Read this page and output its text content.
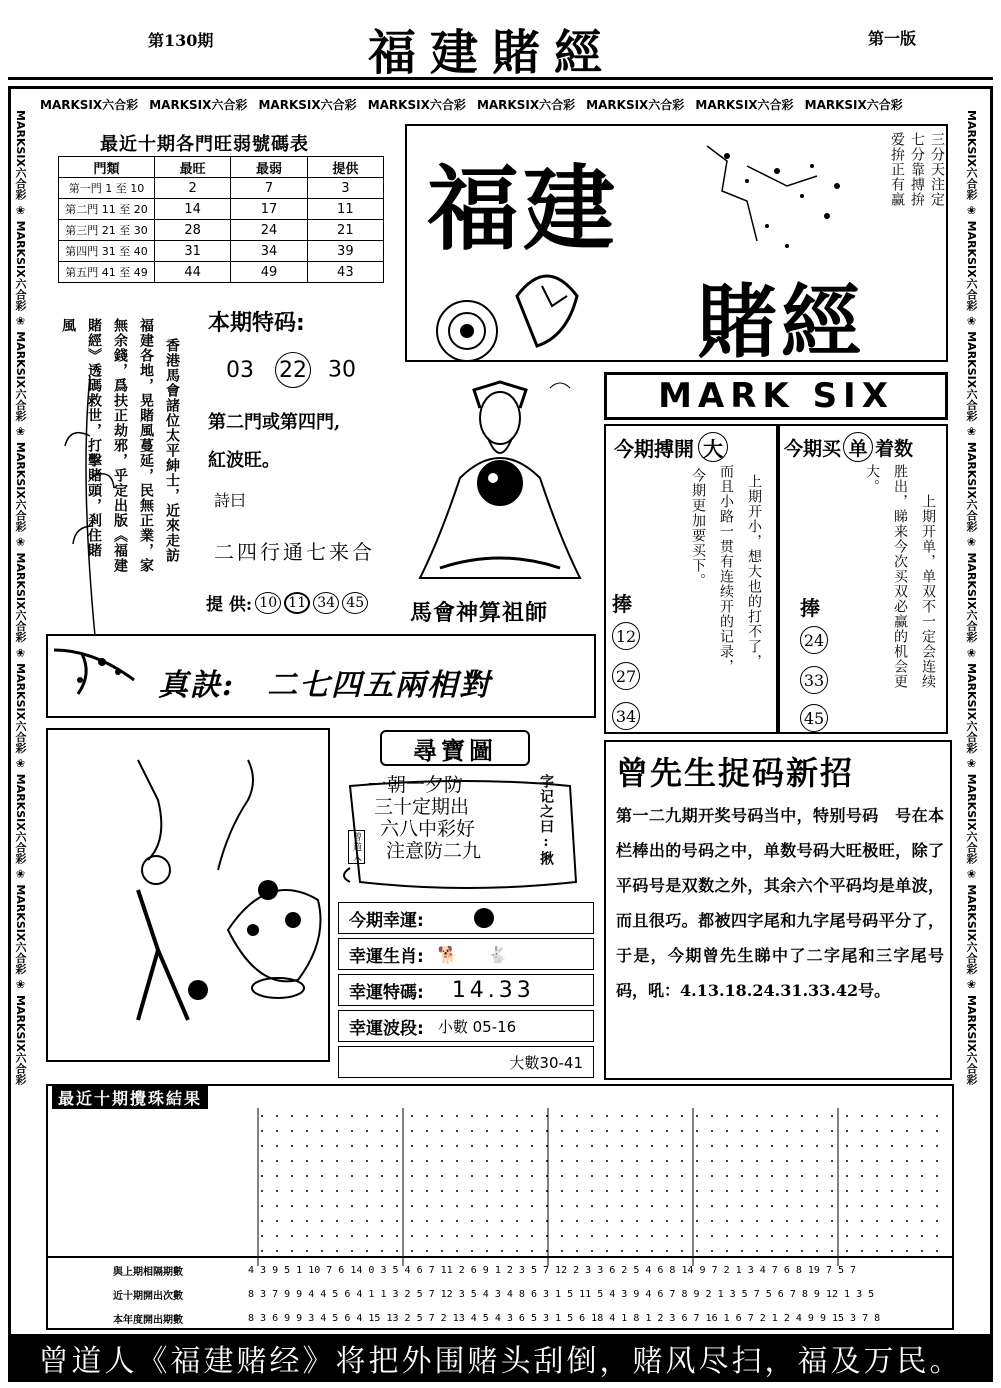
第130期	福建賭經	第一版
MARKSIX六合彩 MARKSIX六合彩 MARKSIX六合彩 MARKSIX六合彩 MARKSIX六合彩 MARKSIX六合彩 MARKSIX六合彩 MARKSIX六合彩
MARKSIX六合彩 ❀ MARKSIX六合彩 ❀ MARKSIX六合彩 ❀ MARKSIX六合彩 ❀ MARKSIX六合彩 ❀ MARKSIX六合彩 ❀ MARKSIX六合彩 ❀ MARKSIX六合彩 ❀ MARKSIX六合彩
MARKSIX六合彩 ❀ MARKSIX六合彩 ❀ MARKSIX六合彩 ❀ MARKSIX六合彩 ❀ MARKSIX六合彩 ❀ MARKSIX六合彩 ❀ MARKSIX六合彩 ❀ MARKSIX六合彩 ❀ MARKSIX六合彩
最近十期各門旺弱號碼表
門類	最旺	最弱	提供
第一門 1 至 10	2	7	3
第二門 11 至 20	14	17	11
第三門 21 至 30	28	24	21
第四門 31 至 40	31	34	39
第五門 41 至 49	44	49	43
福建
賭經
三分天注定
七分靠搏拚
爱拚正有赢
風 賭經》透碼救世，打擊賭頭，剎住賭 無余錢，爲扶正劫邪，乎定出版《福建 福建各地，晃賭風蔓延，民無正業，家 香港馬會諸位太平紳士，近來走訪
本期特码:
03 22 30
第二門或第四門,
紅波旺。
詩曰
二四行通七来合
提 供: 10 11 34 45 馬會神算祖師
MARK SIX
今期搏開 大
上期开小，想大也的打不了，
而且小路一贯有连续开的记录，
今期更加要买下。
捧
12
27
34
今期买 单 着数
上期开单，单双不一定会连续
胜出，睇来今次买双必赢的机会更
大。
捧
24
33
45
真訣:　二七四五兩相對
尋寶圖
一朝一夕防
三十定期出
六八中彩好
注意防二九	字记之曰:揪
曾道人
今期幸運:
幸運生肖: 🐕 🐇
幸運特碼: 14.33
幸運波段: 小數 05-16
大數30-41
曾先生捉码新招
第一二九期开奖号码当中，特别号码　号在本栏棒出的号码之中，单数号码大旺极旺，除了平码号是双数之外，其余六个平码均是单波，而且很巧。都被四字尾和九字尾号码平分了，于是，今期曾先生睇中了二字尾和三字尾号码，吼：4.13.18.24.31.33.42号。
最近十期攪珠結果
與上期相隔期數	4 3 9 5 1 10 7 6 14 0 3 5 4 6 7 11 2 6 9 1 2 3 5 7 12 2 3 3 6 2 5 4 6 8 14 9 7 2 1 3 4 7 6 8 19 7 5 7
近十期開出次數	8 3 7 9 9 4 4 5 6 4 1 1 3 2 5 7 12 3 5 4 3 4 8 6 3 1 5 11 5 4 3 9 4 6 7 8 9 2 1 3 5 7 5 6 7 8 9 12 1 3 5
本年度開出期數	8 3 6 9 9 3 4 5 6 4 15 13 2 5 7 2 13 4 5 4 3 6 5 3 1 5 6 18 4 1 8 1 2 3 6 7 16 1 6 7 2 1 2 4 9 9 15 3 7 8
曾道人《福建赌经》将把外围赌头刮倒，赌风尽扫，福及万民。
